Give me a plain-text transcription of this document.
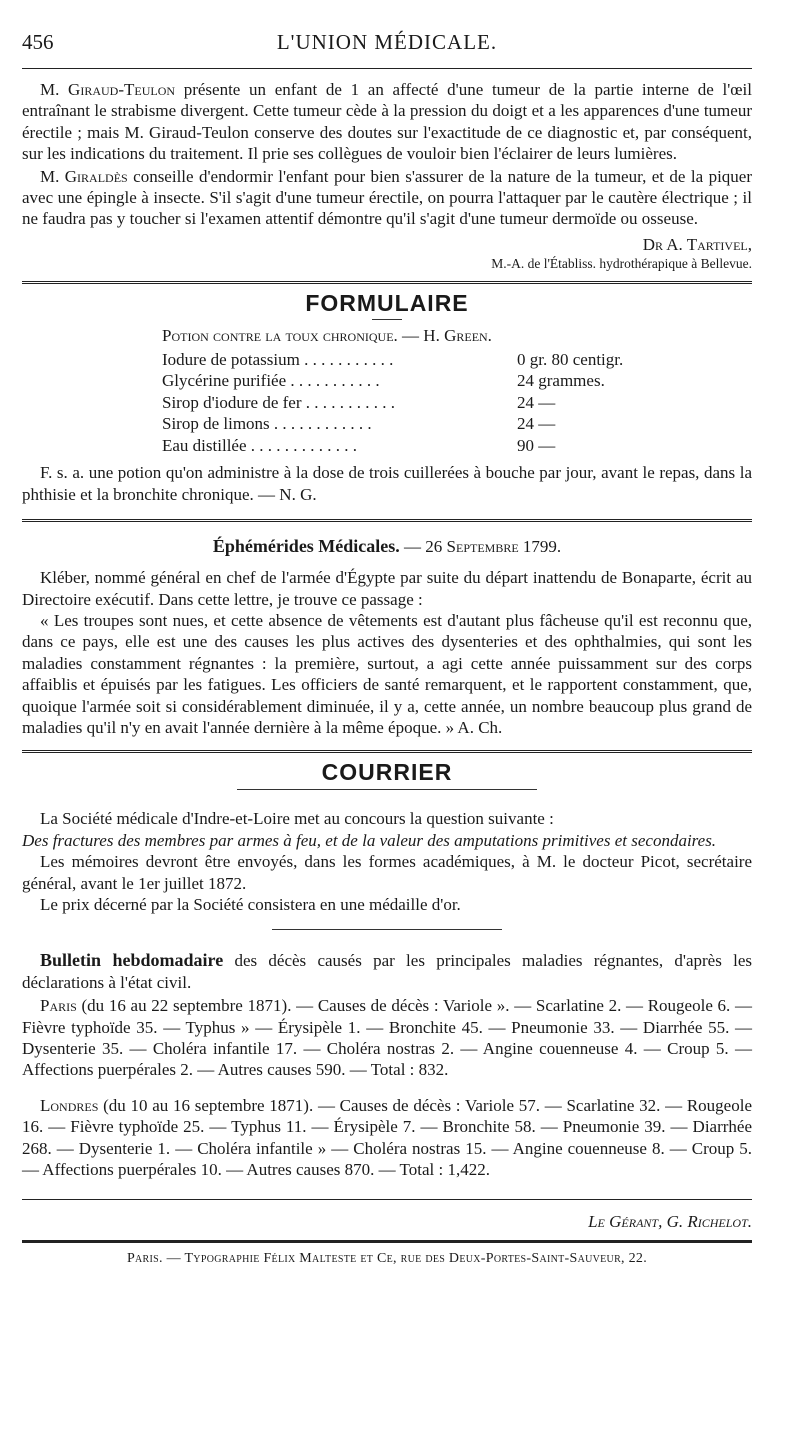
456	L'UNION MÉDICALE.

M. Giraud-Teulon présente un enfant de 1 an affecté d'une tumeur de la partie interne de l'œil entraînant le strabisme divergent. Cette tumeur cède à la pression du doigt et a les apparences d'une tumeur érectile ; mais M. Giraud-Teulon conserve des doutes sur l'exactitude de ce diagnostic et, par conséquent, sur les indications du traitement. Il prie ses collègues de vouloir bien l'éclairer de leurs lumières.

M. Giraldès conseille d'endormir l'enfant pour bien s'assurer de la nature de la tumeur, et de la piquer avec une épingle à insecte. S'il s'agit d'une tumeur érectile, on pourra l'attaquer par le cautère électrique ; il ne faudra pas y toucher si l'examen attentif démontre qu'il s'agit d'une tumeur dermoïde ou osseuse.

Dr A. Tartivel,
M.-A. de l'Établiss. hydrothérapique à Bellevue.
FORMULAIRE
Potion contre la toux chronique. — H. Green.
Iodure de potassium . . . . . . . . . . .	0 gr. 80 centigr.
Glycérine purifiée . . . . . . . . . . .	24 grammes.
Sirop d'iodure de fer . . . . . . . . . . .	24 —
Sirop de limons . . . . . . . . . . . .	24 —
Eau distillée . . . . . . . . . . . . .	90 —

F. s. a. une potion qu'on administre à la dose de trois cuillerées à bouche par jour, avant le repas, dans la phthisie et la bronchite chronique. — N. G.

Éphémérides Médicales. — 26 Septembre 1799.

Kléber, nommé général en chef de l'armée d'Égypte par suite du départ inattendu de Bonaparte, écrit au Directoire exécutif. Dans cette lettre, je trouve ce passage :

« Les troupes sont nues, et cette absence de vêtements est d'autant plus fâcheuse qu'il est reconnu que, dans ce pays, elle est une des causes les plus actives des dysenteries et des ophthalmies, qui sont les maladies constamment régnantes : la première, surtout, a agi cette année puissamment sur des corps affaiblis et épuisés par les fatigues. Les officiers de santé remarquent, et le rapportent constamment, que, quoique l'armée soit si considérablement diminuée, il y a, cette année, un nombre beaucoup plus grand de maladies qu'il n'y en avait l'année dernière à la même époque. » A. Ch.

COURRIER

La Société médicale d'Indre-et-Loire met au concours la question suivante :

Des fractures des membres par armes à feu, et de la valeur des amputations primitives et secondaires.

Les mémoires devront être envoyés, dans les formes académiques, à M. le docteur Picot, secrétaire général, avant le 1er juillet 1872.

Le prix décerné par la Société consistera en une médaille d'or.

Bulletin hebdomadaire des décès causés par les principales maladies régnantes, d'après les déclarations à l'état civil.

Paris (du 16 au 22 septembre 1871). — Causes de décès : Variole ». — Scarlatine 2. — Rougeole 6. — Fièvre typhoïde 35. — Typhus » — Érysipèle 1. — Bronchite 45. — Pneumonie 33. — Diarrhée 55. — Dysenterie 35. — Choléra infantile 17. — Choléra nostras 2. — Angine couenneuse 4. — Croup 5. — Affections puerpérales 2. — Autres causes 590. — Total : 832.

Londres (du 10 au 16 septembre 1871). — Causes de décès : Variole 57. — Scarlatine 32. — Rougeole 16. — Fièvre typhoïde 25. — Typhus 11. — Érysipèle 7. — Bronchite 58. — Pneumonie 39. — Diarrhée 268. — Dysenterie 1. — Choléra infantile » — Choléra nostras 15. — Angine couenneuse 8. — Croup 5. — Affections puerpérales 10. — Autres causes 870. — Total : 1,422.

Le Gérant, G. Richelot.
Paris. — Typographie Félix Malteste et Ce, rue des Deux-Portes-Saint-Sauveur, 22.
